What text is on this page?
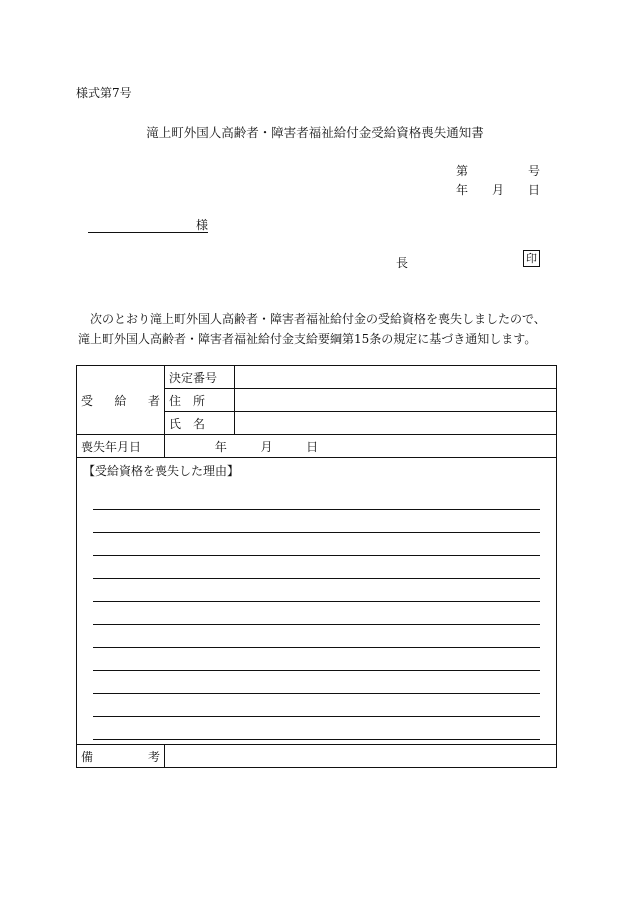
様式第7号
滝上町外国人高齢者・障害者福祉給付金受給資格喪失通知書
第	号
年 月 日
様
長	印
次のとおり滝上町外国人高齢者・障害者福祉給付金の受給資格を喪失しましたので、滝上町外国人高齢者・障害者福祉給付金支給要綱第15条の規定に基づき通知します。
受 給 者	決定番号	
	住　所	
	氏　名	
喪失年月日	年 月 日	

【受給資格を喪失した理由】		

備 考		
